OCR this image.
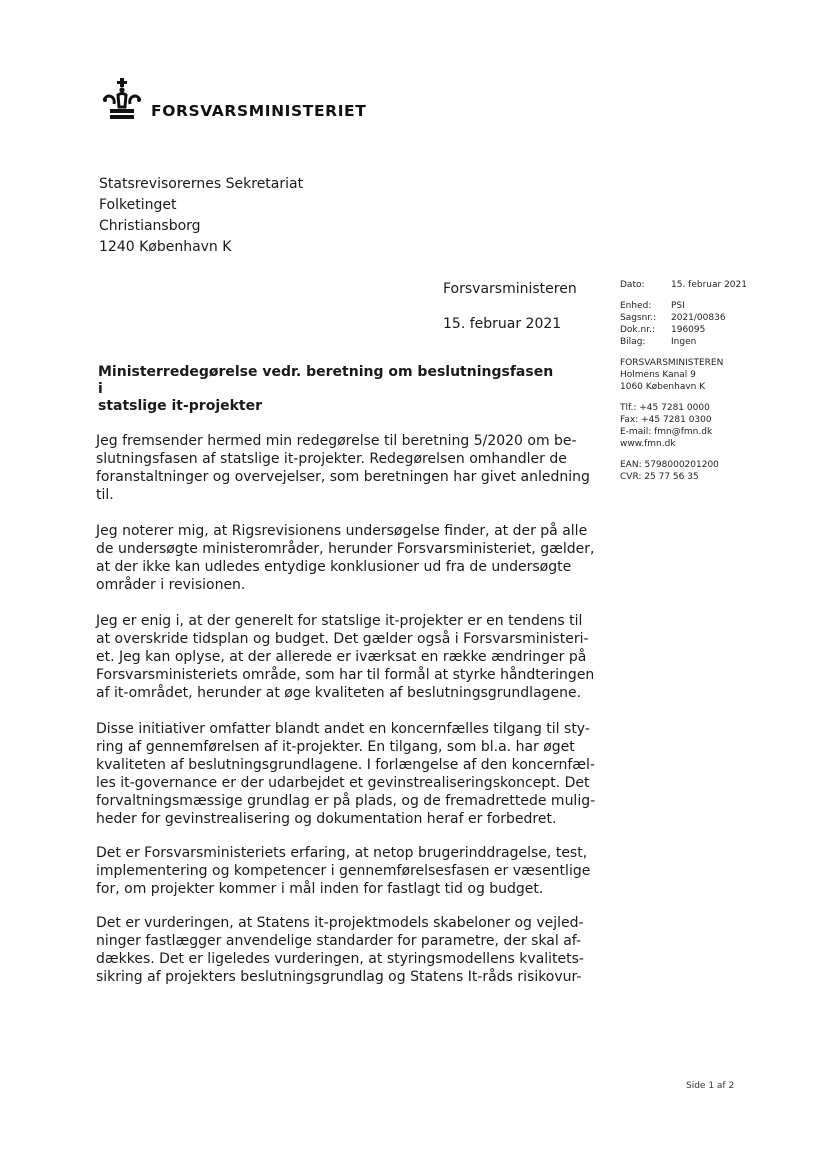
FORSVARSMINISTERIET
Statsrevisorernes Sekretariat
Folketinget
Christiansborg
1240 København K
Forsvarsministeren
15. februar 2021
Dato:	15. februar 2021
Enhed:	PSI
Sagsnr.:	2021/00836
Dok.nr.:	196095
Bilag:	Ingen
FORSVARSMINISTEREN
Holmens Kanal 9
1060 København K
Tlf.: +45 7281 0000
Fax: +45 7281 0300
E-mail: fmn@fmn.dk
www.fmn.dk
EAN: 5798000201200
CVR: 25 77 56 35
Ministerredegørelse vedr. beretning om beslutningsfasen i
statslige it-projekter
Jeg fremsender hermed min redegørelse til beretning 5/2020 om be-
slutningsfasen af statslige it-projekter. Redegørelsen omhandler de
foranstaltninger og overvejelser, som beretningen har givet anledning
til.
Jeg noterer mig, at Rigsrevisionens undersøgelse finder, at der på alle
de undersøgte ministerområder, herunder Forsvarsministeriet, gælder,
at der ikke kan udledes entydige konklusioner ud fra de undersøgte
områder i revisionen.
Jeg er enig i, at der generelt for statslige it-projekter er en tendens til
at overskride tidsplan og budget. Det gælder også i Forsvarsministeri-
et. Jeg kan oplyse, at der allerede er iværksat en række ændringer på
Forsvarsministeriets område, som har til formål at styrke håndteringen
af it-området, herunder at øge kvaliteten af beslutningsgrundlagene.
Disse initiativer omfatter blandt andet en koncernfælles tilgang til sty-
ring af gennemførelsen af it-projekter. En tilgang, som bl.a. har øget
kvaliteten af beslutningsgrundlagene. I forlængelse af den koncernfæl-
les it-governance er der udarbejdet et gevinstrealiseringskoncept. Det
forvaltningsmæssige grundlag er på plads, og de fremadrettede mulig-
heder for gevinstrealisering og dokumentation heraf er forbedret.
Det er Forsvarsministeriets erfaring, at netop brugerinddragelse, test,
implementering og kompetencer i gennemførelsesfasen er væsentlige
for, om projekter kommer i mål inden for fastlagt tid og budget.
Det er vurderingen, at Statens it-projektmodels skabeloner og vejled-
ninger fastlægger anvendelige standarder for parametre, der skal af-
dækkes. Det er ligeledes vurderingen, at styringsmodellens kvalitets-
sikring af projekters beslutningsgrundlag og Statens It-råds risikovur-
Side 1 af 2
